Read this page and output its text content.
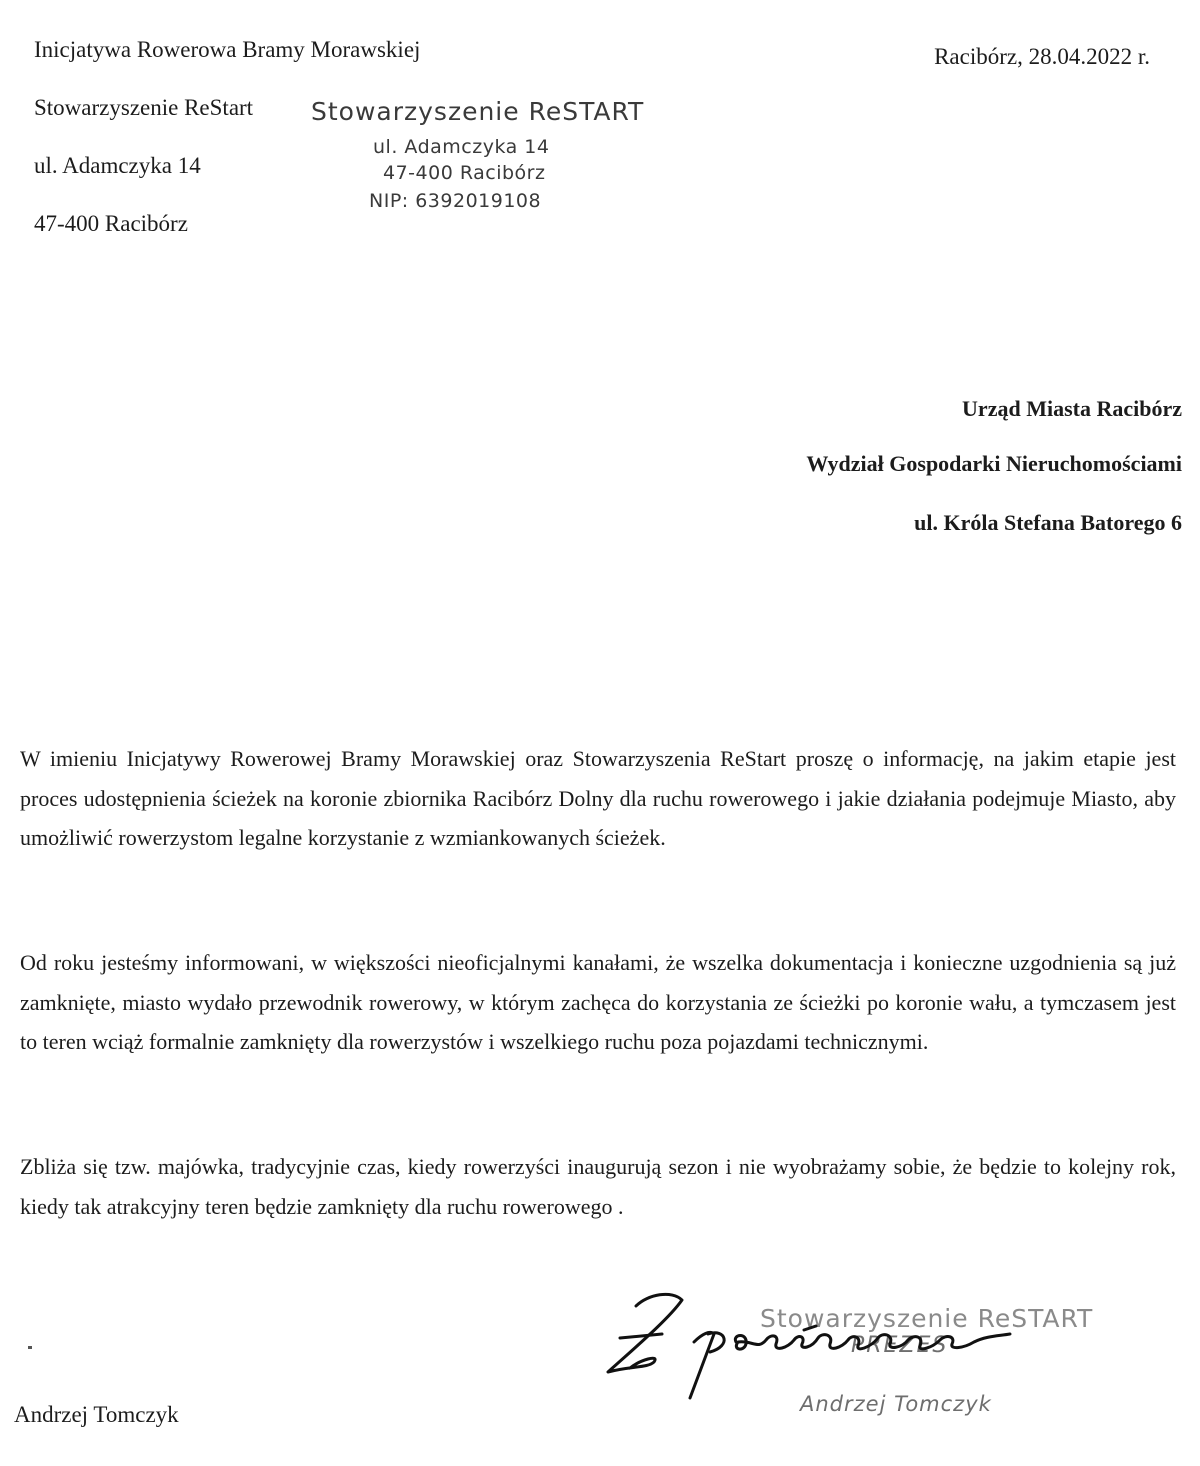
Inicjatywa Rowerowa Bramy Morawskiej

Stowarzyszenie ReStart

ul. Adamczyka 14

47-400 Racibórz

Stowarzyszenie ReSTART

ul. Adamczyka 14

47-400 Racibórz

NIP: 6392019108

Racibórz, 28.04.2022 r.

Urząd Miasta Racibórz

Wydział Gospodarki Nieruchomościami

ul. Króla Stefana Batorego 6

W imieniu Inicjatywy Rowerowej Bramy Morawskiej oraz Stowarzyszenia ReStart proszę o informację, na jakim etapie jest proces udostępnienia ścieżek na koronie zbiornika Racibórz Dolny dla ruchu rowerowego i jakie działania podejmuje Miasto, aby umożliwić rowerzystom legalne korzystanie z wzmiankowanych ścieżek.

Od roku jesteśmy informowani, w większości nieoficjalnymi kanałami, że wszelka dokumentacja i konieczne uzgodnienia są już zamknięte, miasto wydało przewodnik rowerowy, w którym zachęca do korzystania ze ścieżki po koronie wału, a tymczasem jest to teren wciąż formalnie zamknięty dla rowerzystów i wszelkiego ruchu poza pojazdami technicznymi.

Zbliża się tzw. majówka, tradycyjnie czas, kiedy rowerzyści inaugurują sezon i nie wyobrażamy sobie, że będzie to kolejny rok, kiedy tak atrakcyjny teren będzie zamknięty dla ruchu rowerowego .

Stowarzyszenie ReSTART

PREZES

Andrzej Tomczyk

Andrzej Tomczyk
